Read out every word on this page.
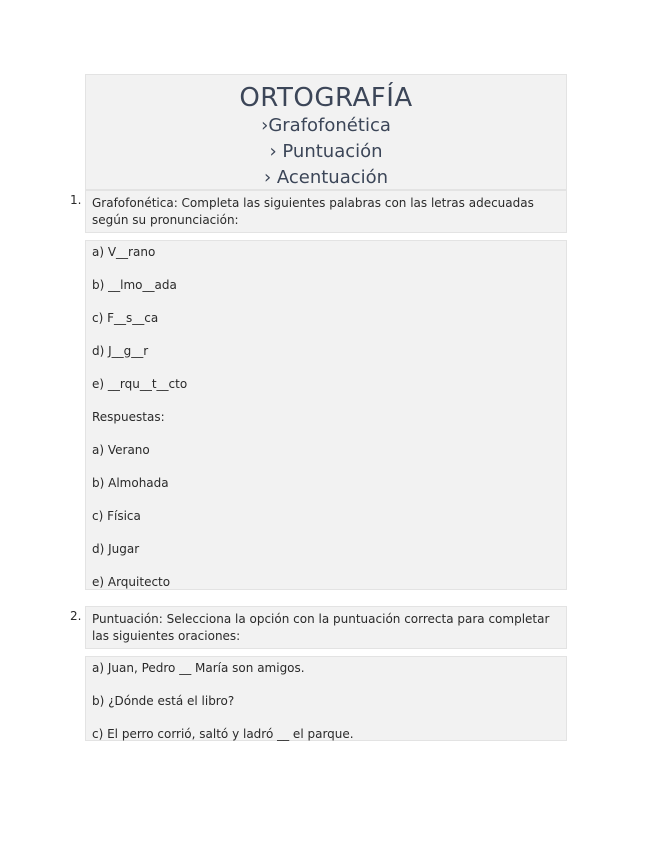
ORTOGRAFÍA
›Grafofonética
› Puntuación
› Acentuación
1. Grafofonética: Completa las siguientes palabras con las letras adecuadas según su pronunciación:
a) V__rano
b) __lmo__ada
c) F__s__ca
d) J__g__r
e) __rqu__t__cto
Respuestas:
a) Verano
b) Almohada
c) Física
d) Jugar
e) Arquitecto
2. Puntuación: Selecciona la opción con la puntuación correcta para completar las siguientes oraciones:
a) Juan, Pedro __ María son amigos.
b) ¿Dónde está el libro?
c) El perro corrió, saltó y ladró __ el parque.
